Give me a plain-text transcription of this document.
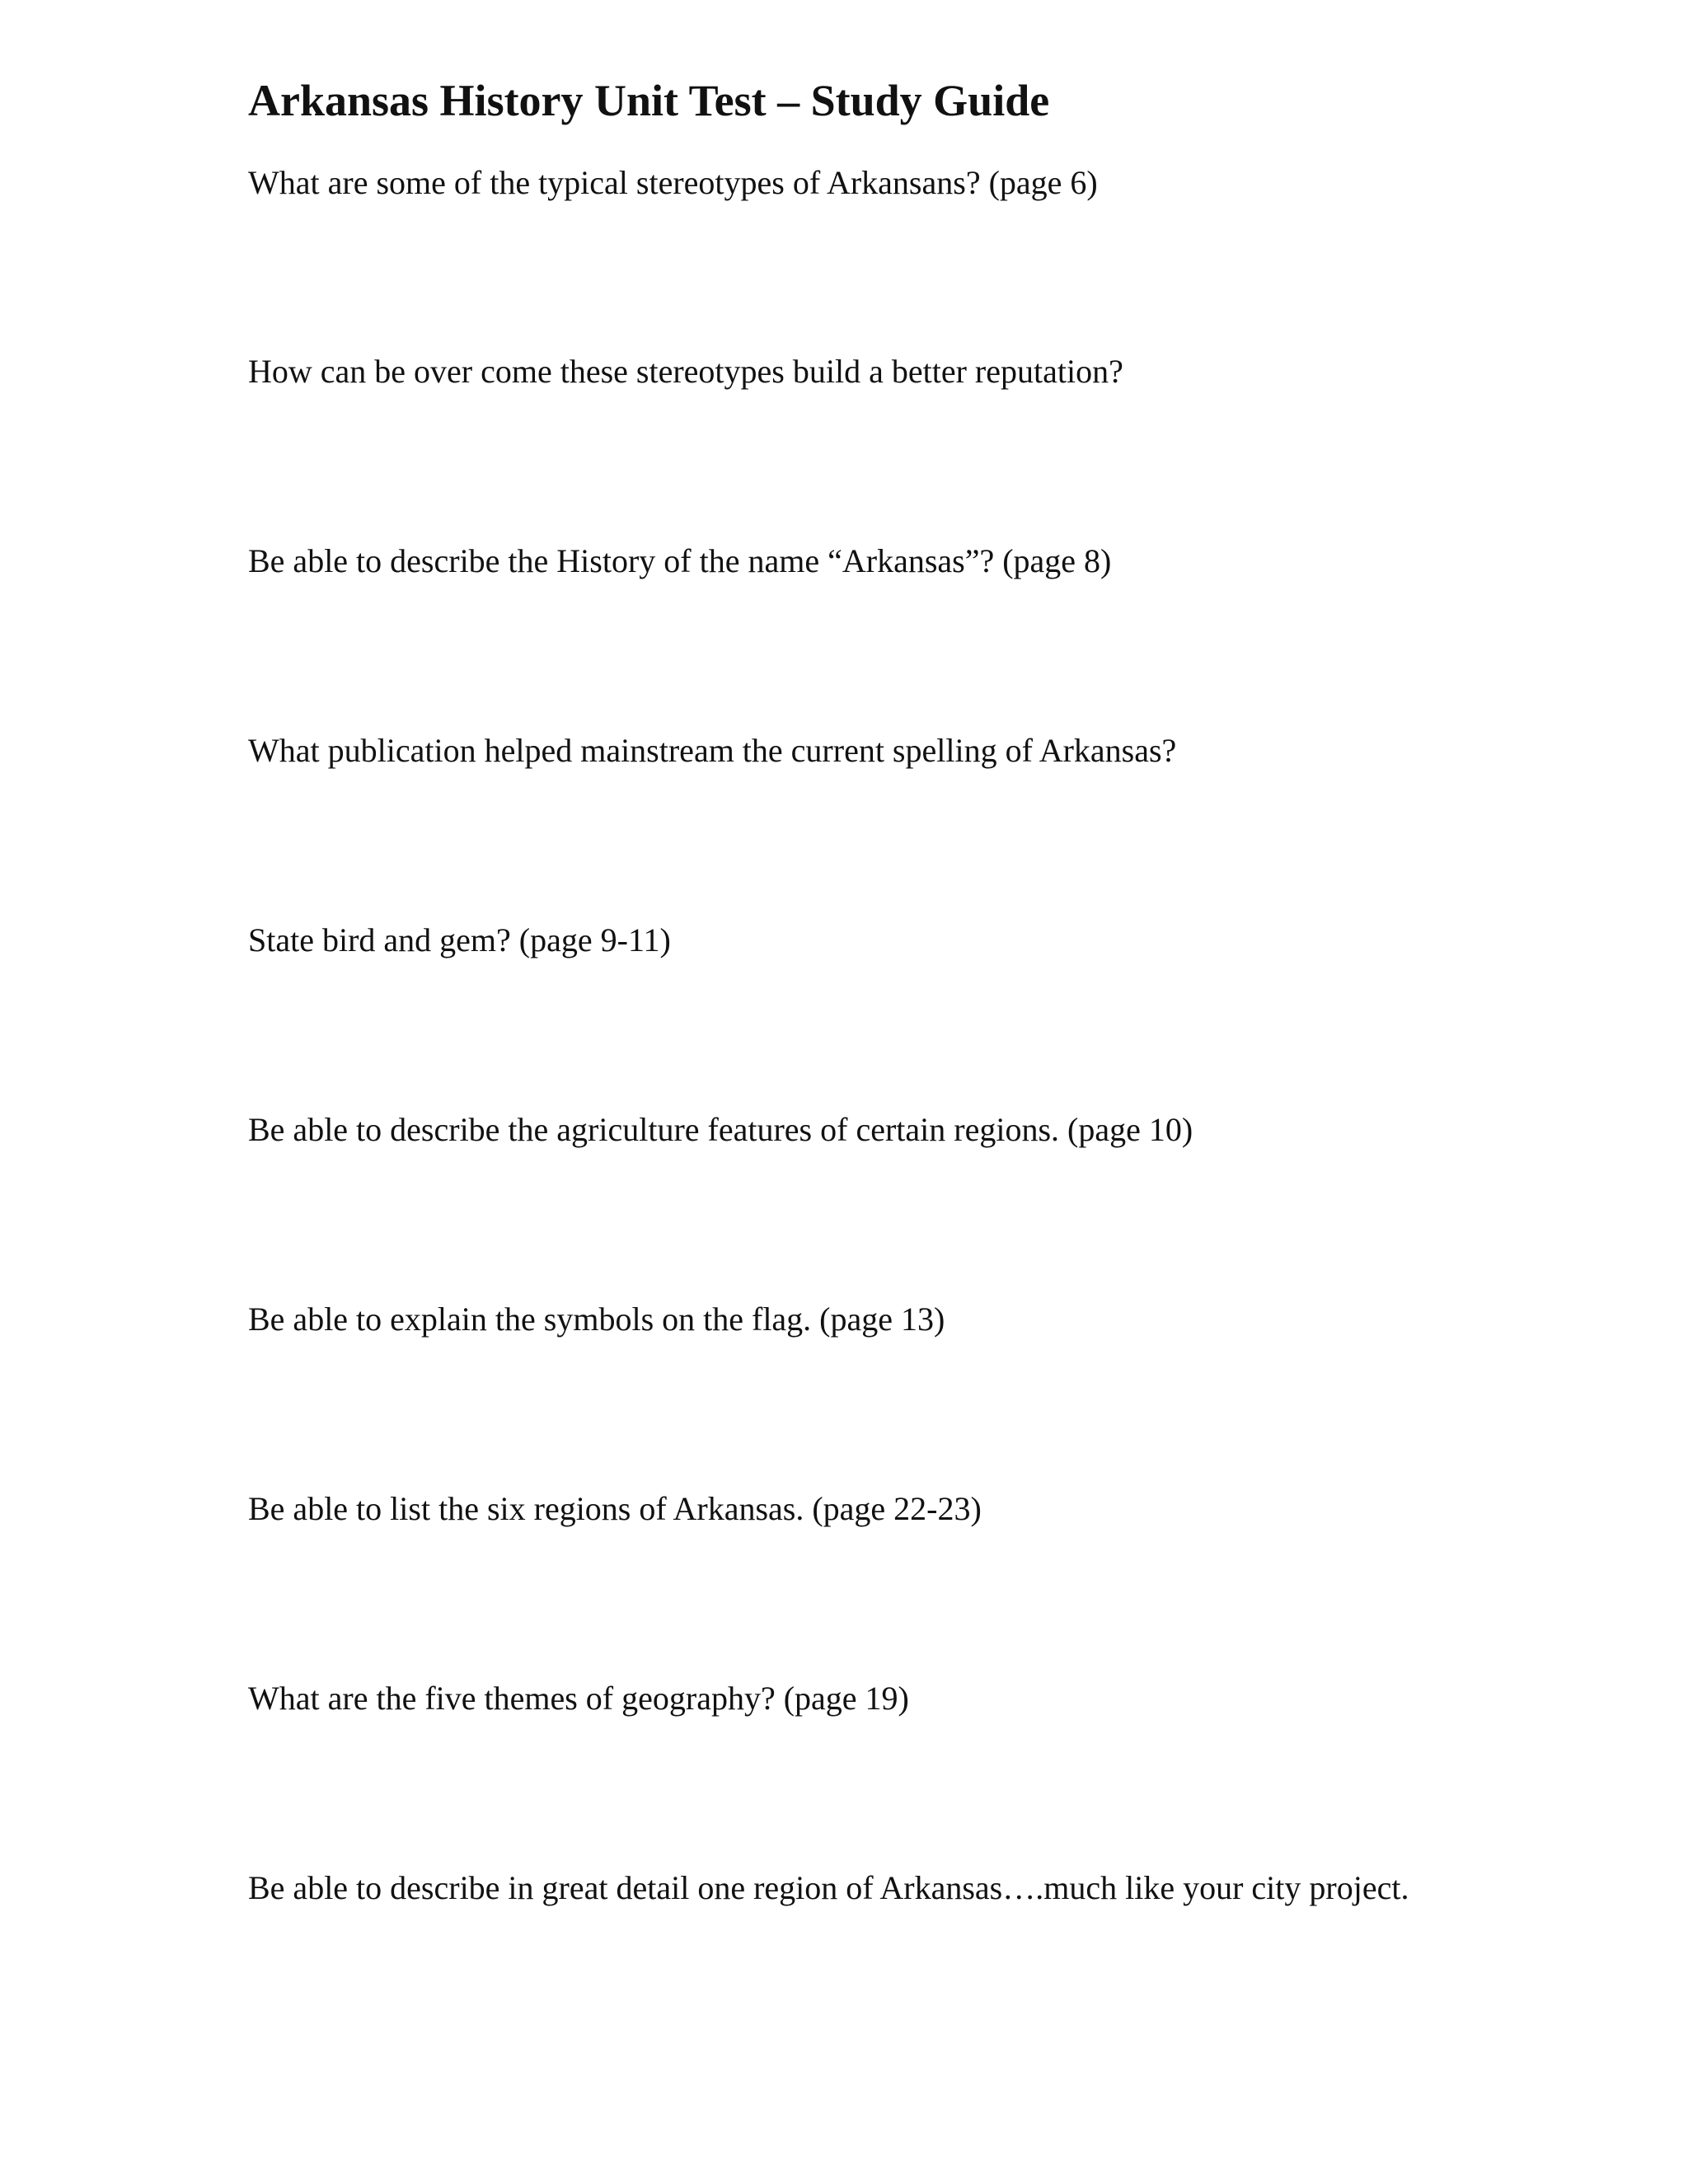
Arkansas History Unit Test – Study Guide

What are some of the typical stereotypes of Arkansans? (page 6)

How can be over come these stereotypes build a better reputation?

Be able to describe the History of the name “Arkansas”? (page 8)

What publication helped mainstream the current spelling of Arkansas?

State bird and gem? (page 9-11)

Be able to describe the agriculture features of certain regions. (page 10)

Be able to explain the symbols on the flag. (page 13)

Be able to list the six regions of Arkansas. (page 22-23)

What are the five themes of geography? (page 19)

Be able to describe in great detail one region of Arkansas….much like your city project.
